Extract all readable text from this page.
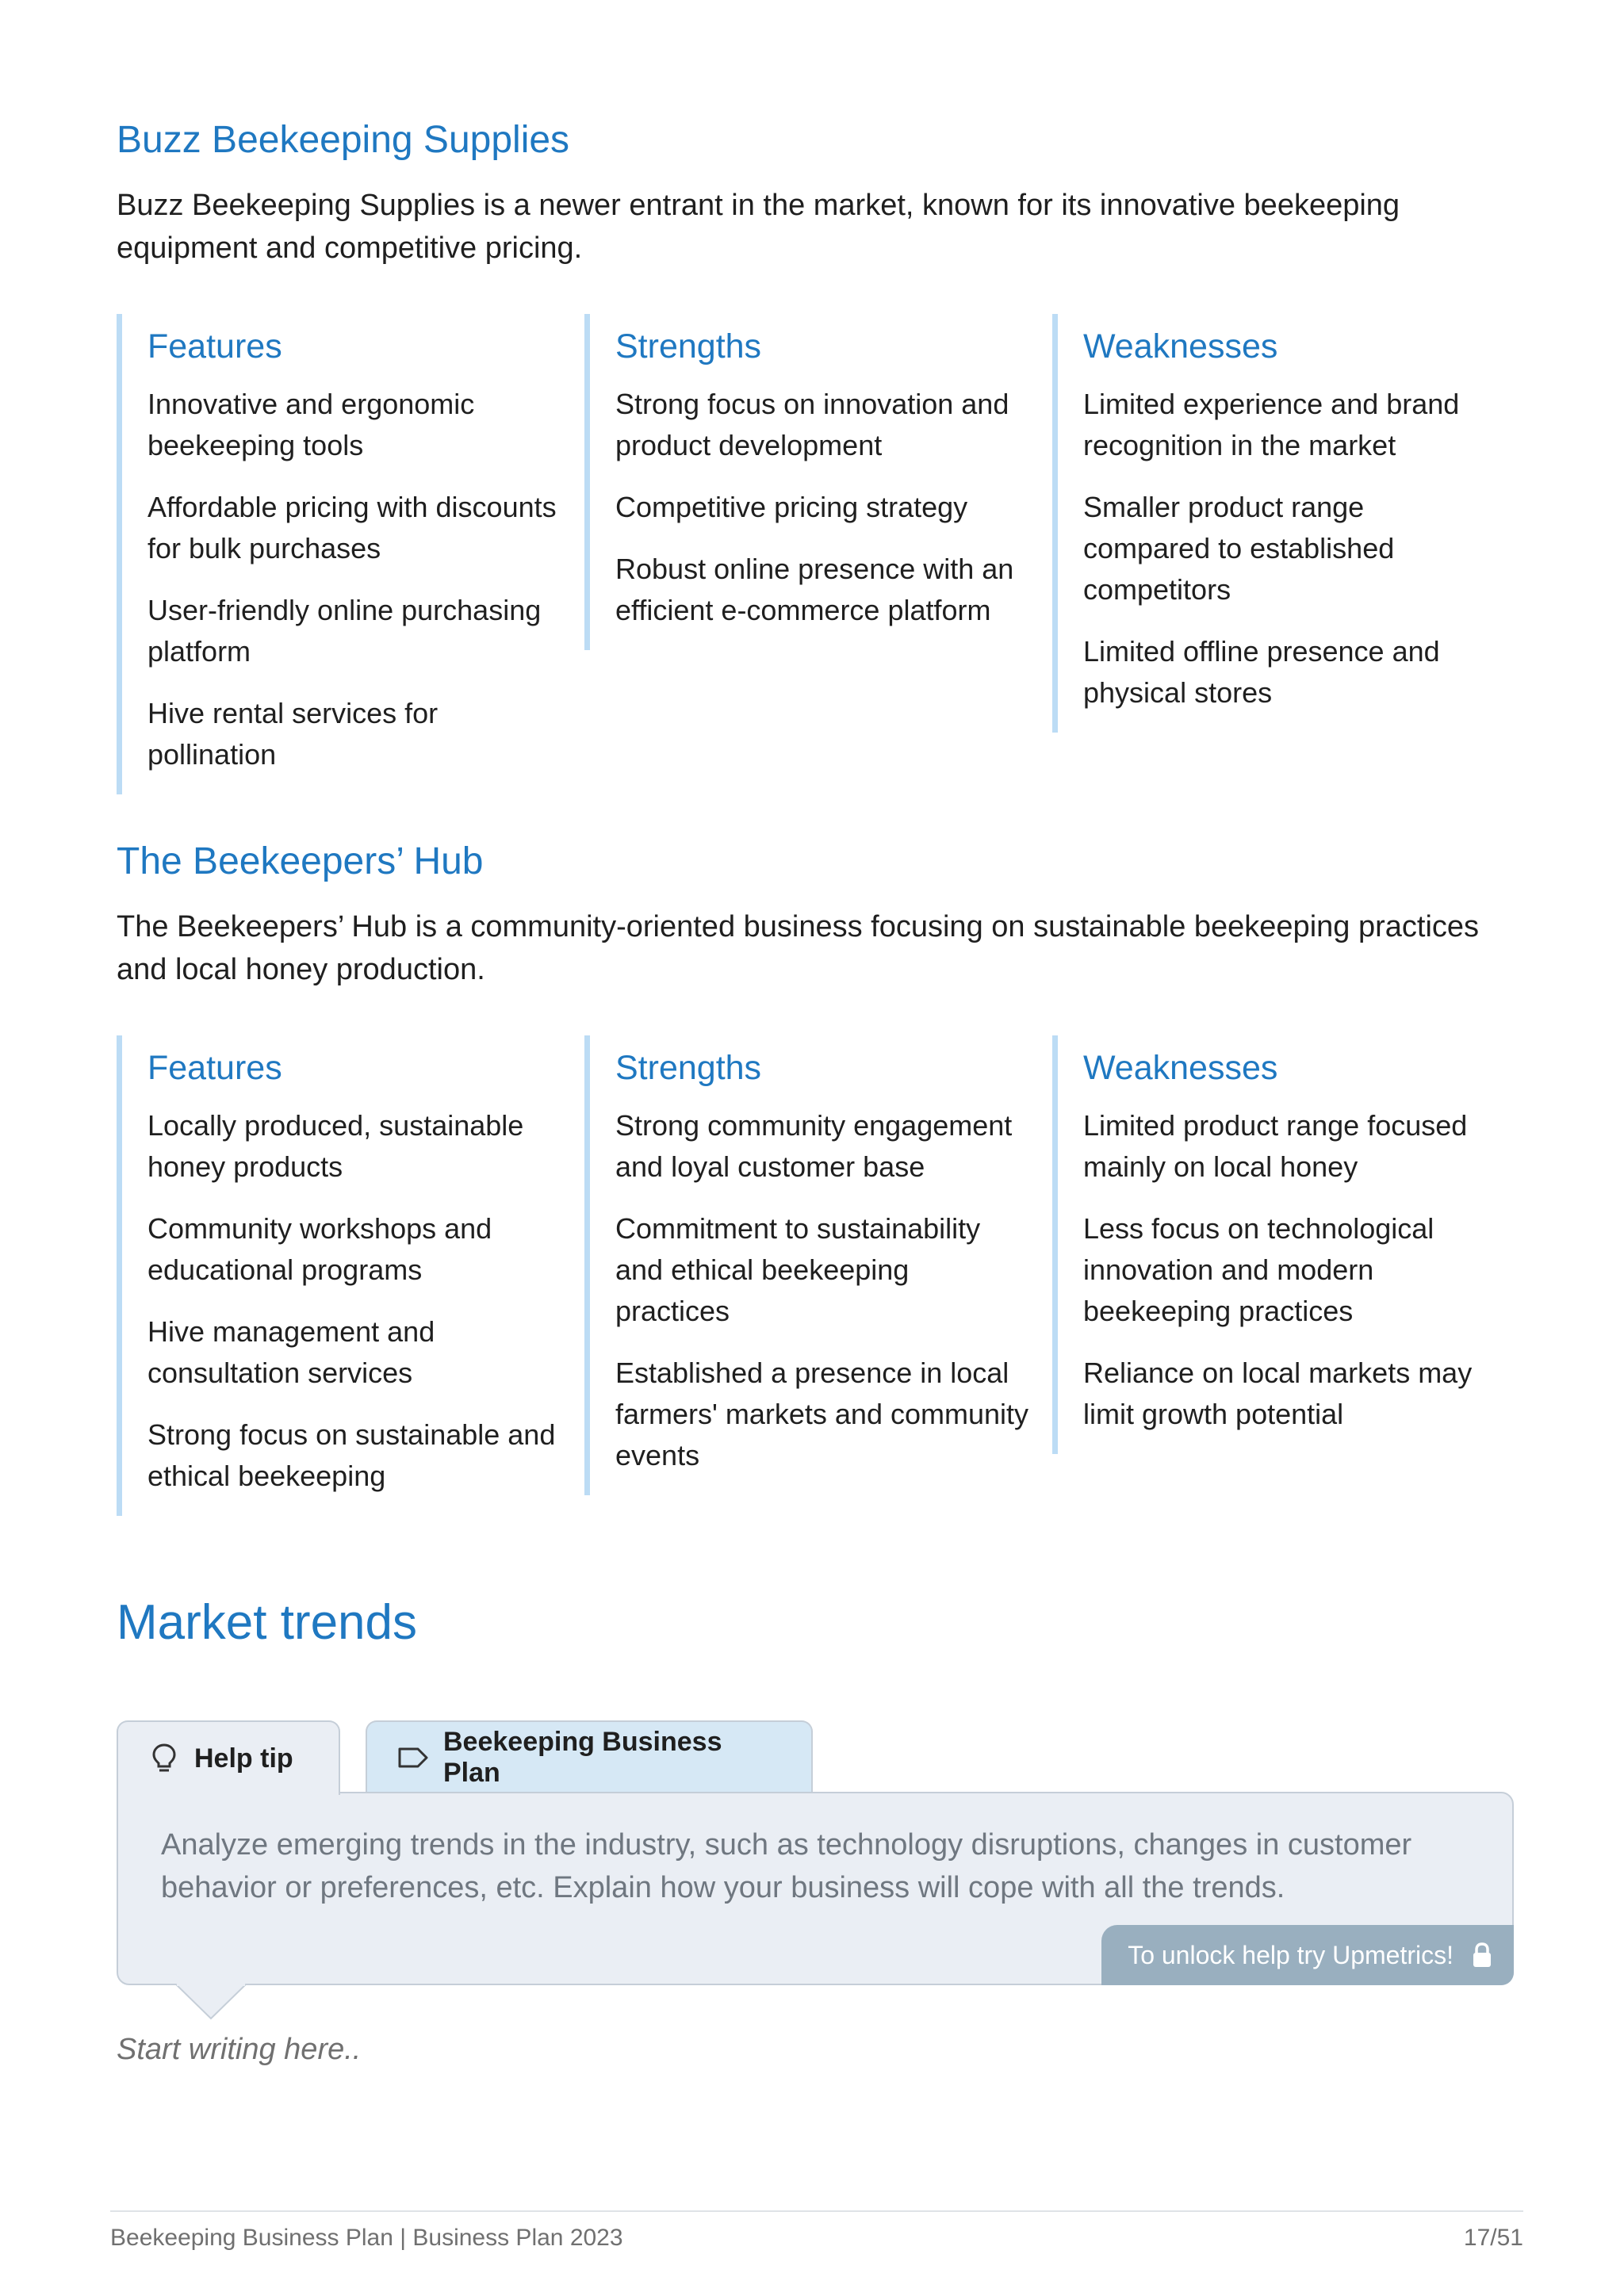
Buzz Beekeeping Supplies

Buzz Beekeeping Supplies is a newer entrant in the market, known for its innovative beekeeping equipment and competitive pricing.

Features
Innovative and ergonomic beekeeping tools
Affordable pricing with discounts for bulk purchases
User-friendly online purchasing platform
Hive rental services for pollination
Strengths
Strong focus on innovation and product development
Competitive pricing strategy
Robust online presence with an efficient e-commerce platform
Weaknesses
Limited experience and brand recognition in the market
Smaller product range compared to established competitors
Limited offline presence and physical stores
The Beekeepers’ Hub

The Beekeepers’ Hub is a community-oriented business focusing on sustainable beekeeping practices and local honey production.

Features
Locally produced, sustainable honey products
Community workshops and educational programs
Hive management and consultation services
Strong focus on sustainable and ethical beekeeping
Strengths
Strong community engagement and loyal customer base
Commitment to sustainability and ethical beekeeping practices
Established a presence in local farmers' markets and community events
Weaknesses
Limited product range focused mainly on local honey
Less focus on technological innovation and modern beekeeping practices
Reliance on local markets may limit growth potential
Market trends
Help tip
Beekeeping Business Plan

Analyze emerging trends in the industry, such as technology disruptions, changes in customer behavior or preferences, etc. Explain how your business will cope with all the trends.

To unlock help try Upmetrics!

Start writing here..

Beekeeping Business Plan | Business Plan 2023	17/51
